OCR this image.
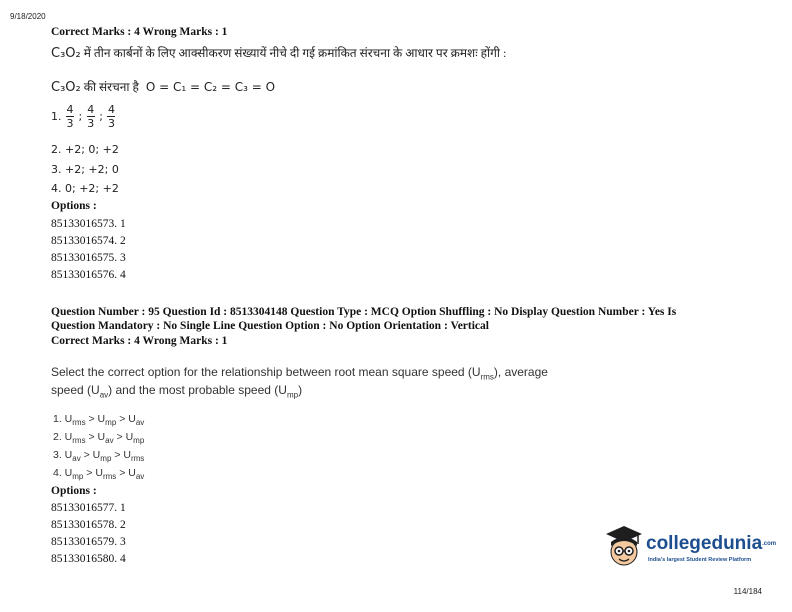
9/18/2020
Correct Marks : 4 Wrong Marks : 1
C₃O₂ में तीन कार्बनों के लिए आक्सीकरण संख्यायें नीचे दी गई क्रमांकित संरचना के आधार पर क्रमशः होंगी :
C₃O₂ की संरचना है O = C₁ = C₂ = C₃ = O
1. $\frac{4}{3}$ ; $\frac{4}{3}$ ; $\frac{4}{3}$
2. +2; 0; +2
3. +2; +2; 0
4. 0; +2; +2
Options :
85133016573. 1
85133016574. 2
85133016575. 3
85133016576. 4
Question Number : 95 Question Id : 8513304148 Question Type : MCQ Option Shuffling : No Display Question Number : Yes Is
Question Mandatory : No Single Line Question Option : No Option Orientation : Vertical
Correct Marks : 4 Wrong Marks : 1
Select the correct option for the relationship between root mean square speed $(U_{rms})$, average
speed $(U_{av})$ and the most probable speed $(U_{mp})$
1. $U_{rms} > U_{mp} > U_{av}$
2. $U_{rms} > U_{av} > U_{mp}$
3. $U_{av} > U_{mp} > U_{rms}$
4. $U_{mp} > U_{rms} > U_{av}$
Options :
85133016577. 1
85133016578. 2
85133016579. 3
85133016580. 4
collegedunia.com
India's largest Student Review Platform
114/184
